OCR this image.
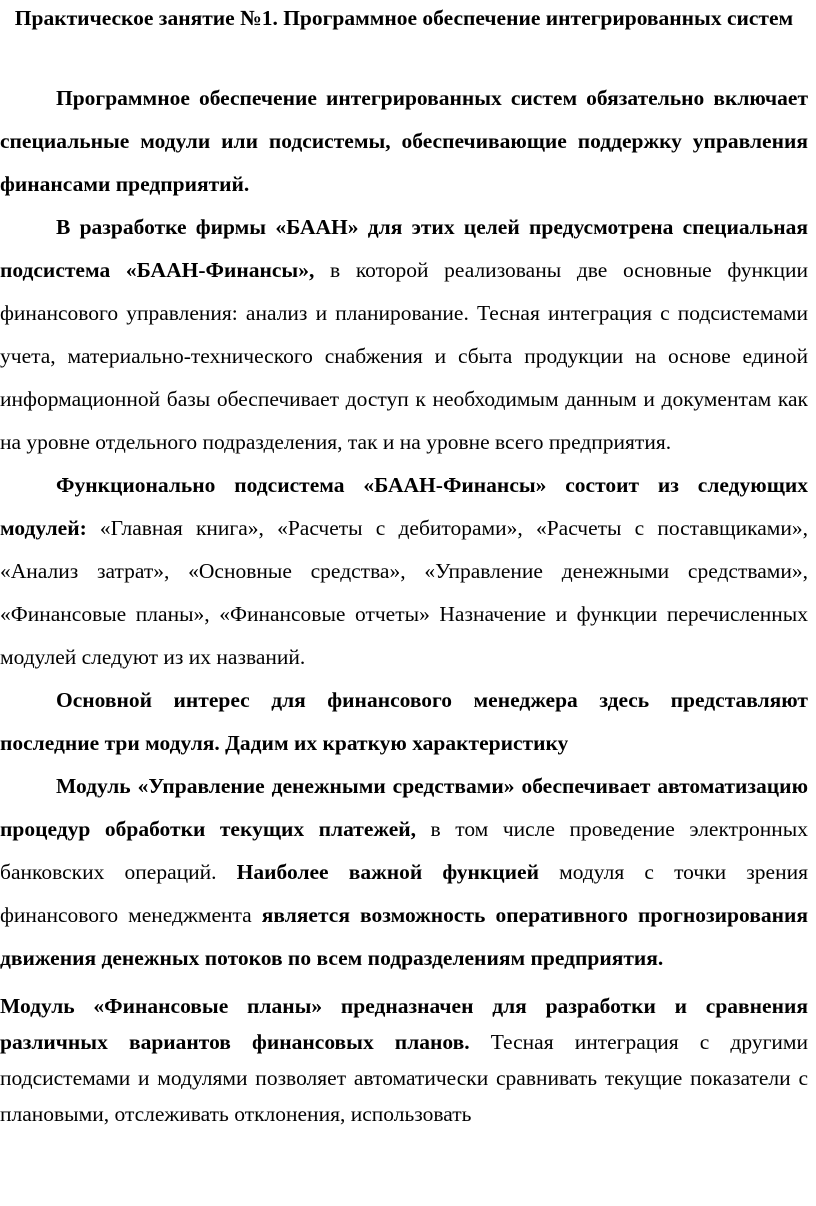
Практическое занятие №1. Программное обеспечение интегрированных систем

Программное обеспечение интегрированных систем обязательно включает специальные модули или подсистемы, обеспечивающие поддержку управления финансами предприятий.

В разработке фирмы «БААН» для этих целей предусмотрена специальная подсистема «БААН-Финансы», в которой реализованы две основные функции финансового управления: анализ и планирование. Тесная интеграция с подсистемами учета, материально-технического снабжения и сбыта продукции на основе единой информационной базы обеспечивает доступ к необходимым данным и документам как на уровне отдельного подразделения, так и на уровне всего предприятия.

Функционально подсистема «БААН-Финансы» состоит из следующих модулей: «Главная книга», «Расчеты с дебиторами», «Расчеты с поставщиками», «Анализ затрат», «Основные средства», «Управление денежными средствами», «Финансовые планы», «Финансовые отчеты» Назначение и функции перечисленных модулей следуют из их названий.

Основной интерес для финансового менеджера здесь представляют последние три модуля. Дадим их краткую характеристику

Модуль «Управление денежными средствами» обеспечивает автоматизацию процедур обработки текущих платежей, в том числе проведение электронных банковских операций. Наиболее важной функцией модуля с точки зрения финансового менеджмента является возможность оперативного прогнозирования движения денежных потоков по всем подразделениям предприятия.

Модуль «Финансовые планы» предназначен для разработки и сравнения различных вариантов финансовых планов. Тесная интеграция с другими подсистемами и модулями позволяет автоматически сравнивать текущие показатели с плановыми, отслеживать отклонения, использовать
